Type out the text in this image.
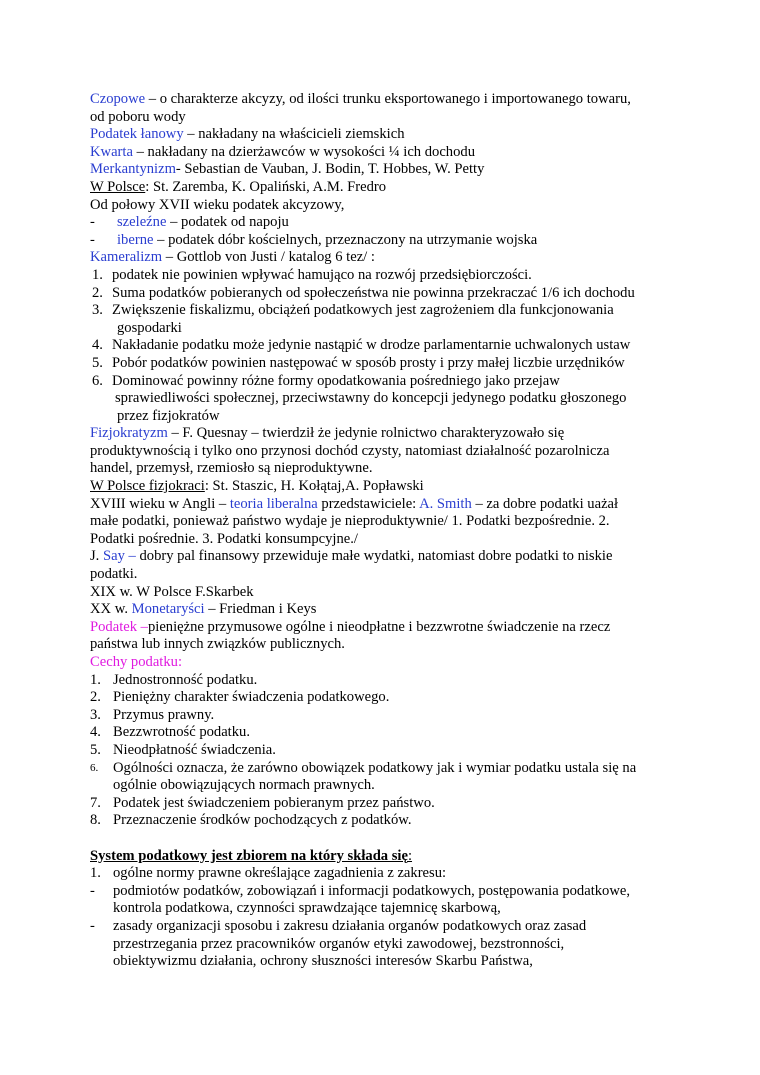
Czopowe – o charakterze akcyzy, od ilości trunku eksportowanego i importowanego towaru,
od poboru wody
Podatek łanowy – nakładany na właścicieli ziemskich
Kwarta – nakładany na dzierżawców w wysokości ¼ ich dochodu
Merkantynizm- Sebastian de Vauban, J. Bodin, T. Hobbes, W. Petty
W Polsce: St. Zaremba, K. Opaliński, A.M. Fredro
Od połowy XVII wieku podatek akcyzowy,
-	szeleźne – podatek od napoju
-	iberne – podatek dóbr kościelnych, przeznaczony na utrzymanie wojska
Kameralizm – Gottlob von Justi / katalog 6 tez/ :
1. podatek nie powinien wpływać hamująco na rozwój przedsiębiorczości.
2. Suma podatków pobieranych od społeczeństwa nie powinna przekraczać 1/6 ich dochodu
3. Zwiększenie fiskalizmu, obciążeń podatkowych jest zagrożeniem dla funkcjonowania
gospodarki
4. Nakładanie podatku może jedynie nastąpić w drodze parlamentarnie uchwalonych ustaw
5. Pobór podatków powinien następować w sposób prosty i przy małej liczbie urzędników
6. Dominować powinny różne formy opodatkowania pośredniego jako przejaw
sprawiedliwości społecznej, przeciwstawny do koncepcji jedynego podatku głoszonego
przez fizjokratów
Fizjokratyzm – F. Quesnay – twierdził że jedynie rolnictwo charakteryzowało się
produktywnością i tylko ono przynosi dochód czysty, natomiast działalność pozarolnicza
handel, przemysł, rzemiosło są nieproduktywne.
W Polsce fizjokraci: St. Staszic, H. Kołątaj,A. Popławski
XVIII wieku w Angli – teoria liberalna przedstawiciele: A. Smith – za dobre podatki uażał
małe podatki, ponieważ państwo wydaje je nieproduktywnie/ 1. Podatki bezpośrednie. 2.
Podatki pośrednie. 3. Podatki konsumpcyjne./
J. Say – dobry pal finansowy przewiduje małe wydatki, natomiast dobre podatki to niskie
podatki.
XIX w. W Polsce F.Skarbek
XX w. Monetaryści – Friedman i Keys
Podatek –pieniężne przymusowe ogólne i nieodpłatne i bezzwrotne świadczenie na rzecz
państwa lub innych związków publicznych.
Cechy podatku:
1. Jednostronność podatku.
2. Pieniężny charakter świadczenia podatkowego.
3. Przymus prawny.
4. Bezzwrotność podatku.
5. Nieodpłatność świadczenia.
6.	Ogólności oznacza, że zarówno obowiązek podatkowy jak i wymiar podatku ustala się na
ogólnie obowiązujących normach prawnych.
7. Podatek jest świadczeniem pobieranym przez państwo.
8. Przeznaczenie środków pochodzących z podatków.
System podatkowy jest zbiorem na który składa się:
1. ogólne normy prawne określające zagadnienia z zakresu:
-	podmiotów podatków, zobowiązań i informacji podatkowych, postępowania podatkowe,
kontrola podatkowa, czynności sprawdzające tajemnicę skarbową,
-	zasady organizacji sposobu i zakresu działania organów podatkowych oraz zasad
przestrzegania przez pracowników organów etyki zawodowej, bezstronności,
obiektywizmu działania, ochrony słuszności interesów Skarbu Państwa,
